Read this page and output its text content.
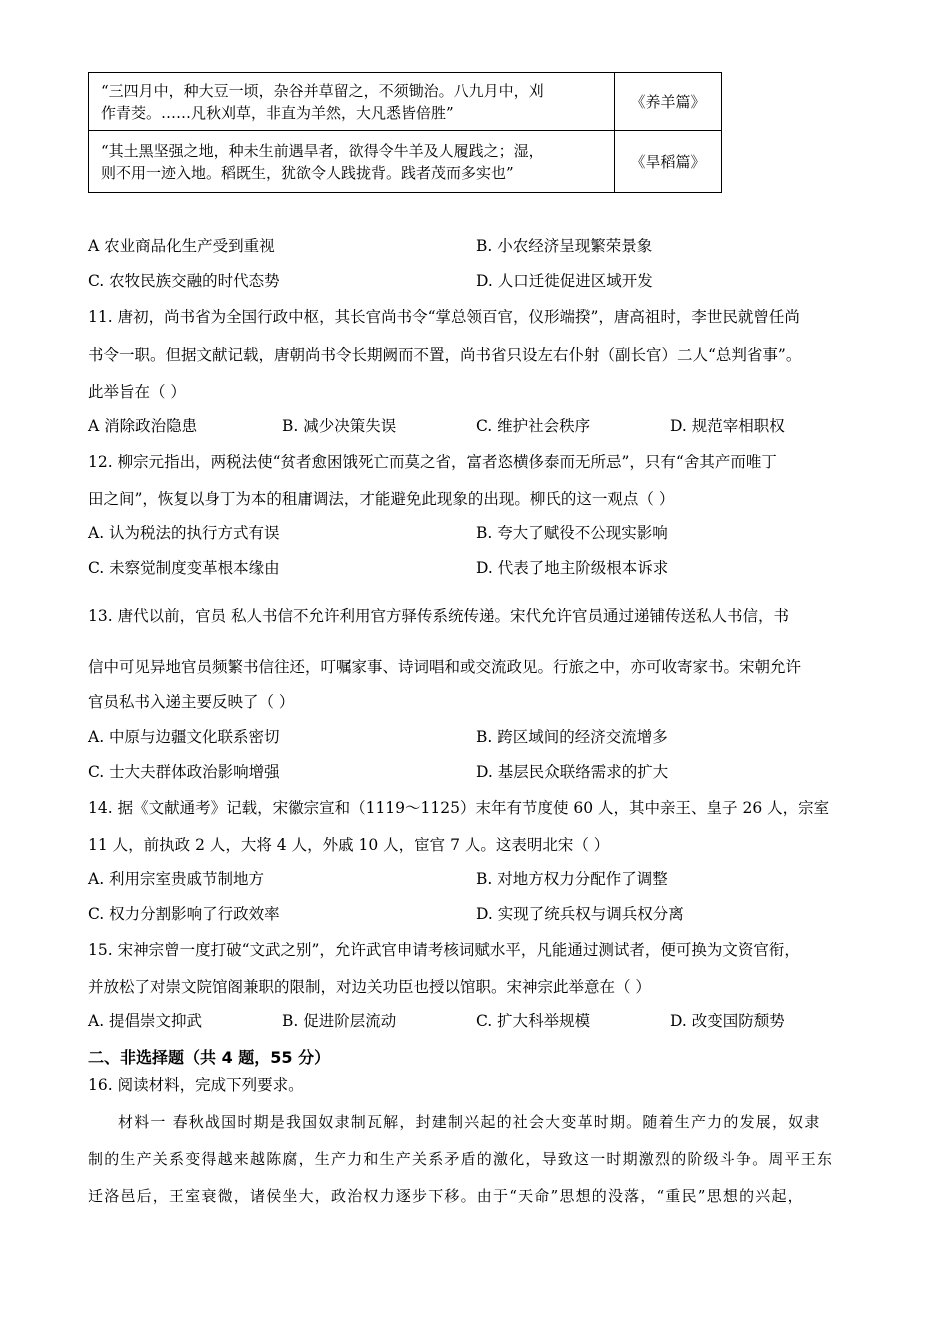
“三四月中，种大豆一顷，杂谷并草留之，不须锄治。八九月中，刈
作青茭。……凡秋刈草，非直为羊然，大凡悉皆倍胜”	《养羊篇》

“其土黑坚强之地，种未生前遇旱者，欲得令牛羊及人履践之；湿，
则不用一迹入地。稻既生，犹欲令人践拢背。践者茂而多实也”	《旱稻篇》
A 农业商品化生产受到重视	B. 小农经济呈现繁荣景象
C. 农牧民族交融的时代态势	D. 人口迁徙促进区域开发
11. 唐初，尚书省为全国行政中枢，其长官尚书令“掌总领百官，仪形端揆”，唐高祖时，李世民就曾任尚
书令一职。但据文献记载，唐朝尚书令长期阙而不置，尚书省只设左右仆射（副长官）二人“总判省事”。
此举旨在（ ）
A 消除政治隐患	B. 减少决策失误	C. 维护社会秩序	D. 规范宰相职权
12. 柳宗元指出，两税法使“贫者愈困饿死亡而莫之省，富者恣横侈泰而无所忌”，只有“舍其产而唯丁
田之间”，恢复以身丁为本的租庸调法，才能避免此现象的出现。柳氏的这一观点（ ）
A. 认为税法的执行方式有误	B. 夸大了赋役不公现实影响
C. 未察觉制度变革根本缘由	D. 代表了地主阶级根本诉求
13. 唐代以前，官员 私人书信不允许利用官方驿传系统传递。宋代允许官员通过递铺传送私人书信，书
信中可见异地官员频繁书信往还，叮嘱家事、诗词唱和或交流政见。行旅之中，亦可收寄家书。宋朝允许
官员私书入递主要反映了（ ）
A. 中原与边疆文化联系密切	B. 跨区域间的经济交流增多
C. 士大夫群体政治影响增强	D. 基层民众联络需求的扩大
14. 据《文献通考》记载，宋徽宗宣和（1119～1125）末年有节度使 60 人，其中亲王、皇子 26 人，宗室
11 人，前执政 2 人，大将 4 人，外戚 10 人，宦官 7 人。这表明北宋（ ）
A. 利用宗室贵戚节制地方	B. 对地方权力分配作了调整
C. 权力分割影响了行政效率	D. 实现了统兵权与调兵权分离
15. 宋神宗曾一度打破“文武之别”，允许武官申请考核词赋水平，凡能通过测试者，便可换为文资官衔，
并放松了对崇文院馆阁兼职的限制，对边关功臣也授以馆职。宋神宗此举意在（ ）
A. 提倡崇文抑武	B. 促进阶层流动	C. 扩大科举规模	D. 改变国防颓势
二、非选择题（共 4 题，55 分）
16. 阅读材料，完成下列要求。
材料一 春秋战国时期是我国奴隶制瓦解，封建制兴起的社会大变革时期。随着生产力的发展，奴隶
制的生产关系变得越来越陈腐，生产力和生产关系矛盾的激化，导致这一时期激烈的阶级斗争。周平王东
迁洛邑后，王室衰微，诸侯坐大，政治权力逐步下移。由于“天命”思想的没落，“重民”思想的兴起，
